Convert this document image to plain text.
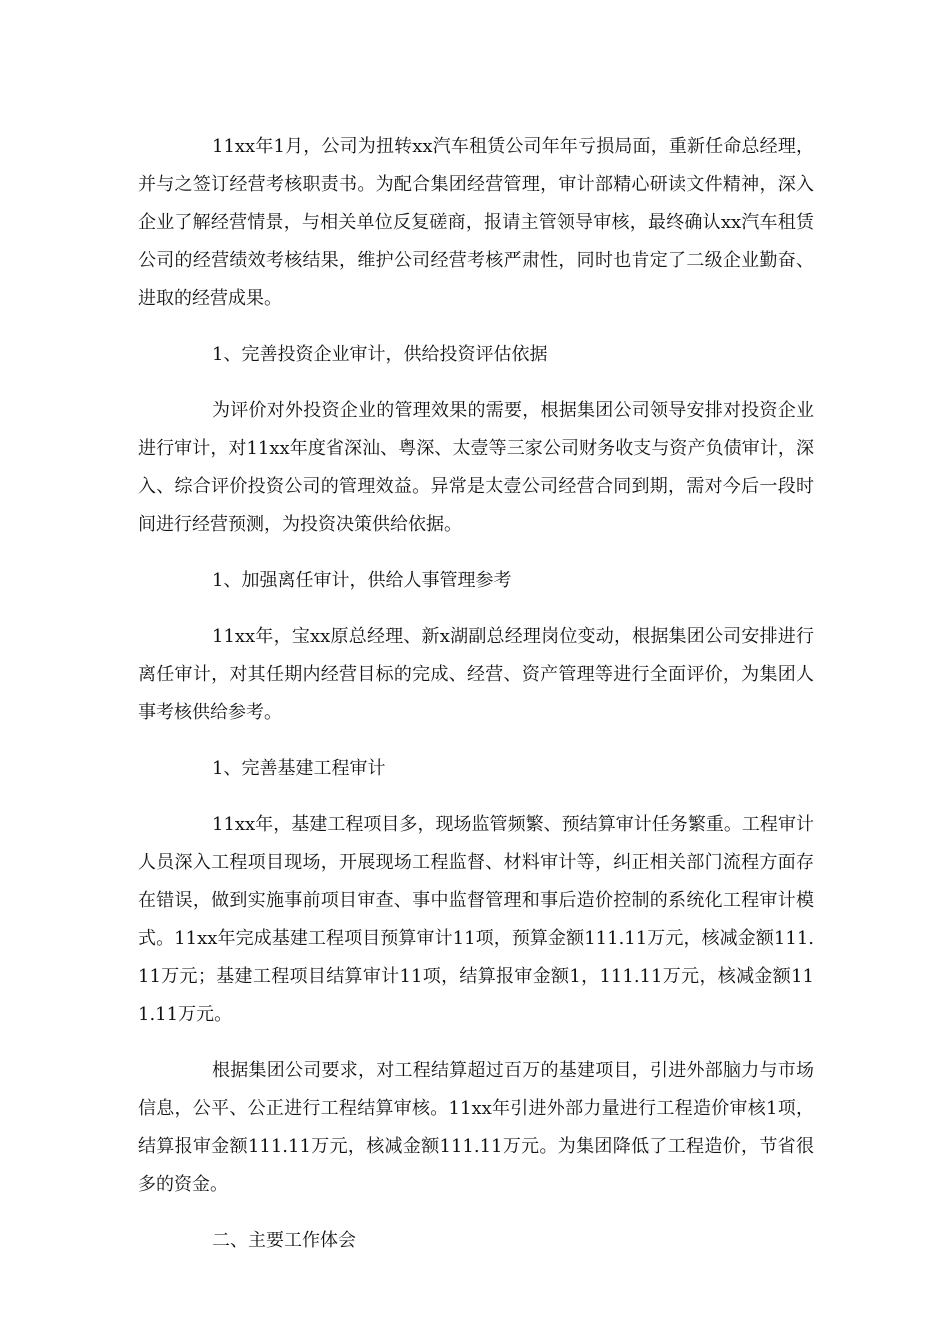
11xx年1月，公司为扭转xx汽车租赁公司年年亏损局面，重新任命总经理，并与之签订经营考核职责书。为配合集团经营管理，审计部精心研读文件精神，深入企业了解经营情景，与相关单位反复磋商，报请主管领导审核，最终确认xx汽车租赁公司的经营绩效考核结果，维护公司经营考核严肃性，同时也肯定了二级企业勤奋、进取的经营成果。

1、完善投资企业审计，供给投资评估依据

为评价对外投资企业的管理效果的需要，根据集团公司领导安排对投资企业进行审计，对11xx年度省深汕、粤深、太壹等三家公司财务收支与资产负债审计，深入、综合评价投资公司的管理效益。异常是太壹公司经营合同到期，需对今后一段时间进行经营预测，为投资决策供给依据。

1、加强离任审计，供给人事管理参考

11xx年，宝xx原总经理、新x湖副总经理岗位变动，根据集团公司安排进行离任审计，对其任期内经营目标的完成、经营、资产管理等进行全面评价，为集团人事考核供给参考。

1、完善基建工程审计

11xx年，基建工程项目多，现场监管频繁、预结算审计任务繁重。工程审计人员深入工程项目现场，开展现场工程监督、材料审计等，纠正相关部门流程方面存在错误，做到实施事前项目审查、事中监督管理和事后造价控制的系统化工程审计模式。11xx年完成基建工程项目预算审计11项，预算金额111.11万元，核减金额111.11万元；基建工程项目结算审计11项，结算报审金额1，111.11万元，核减金额111.11万元。

根据集团公司要求，对工程结算超过百万的基建项目，引进外部脑力与市场信息，公平、公正进行工程结算审核。11xx年引进外部力量进行工程造价审核1项，结算报审金额111.11万元，核减金额111.11万元。为集团降低了工程造价，节省很多的资金。

二、主要工作体会
